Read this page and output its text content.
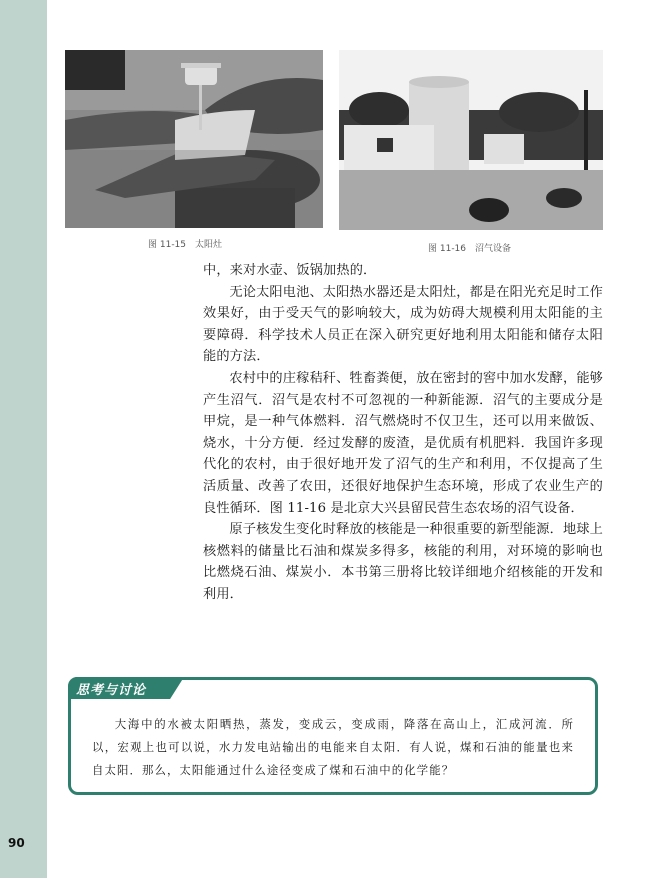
90
图 11-15　太阳灶	图 11-16　沼气设备

中，来对水壶、饭锅加热的．

无论太阳电池、太阳热水器还是太阳灶，都是在阳光充足时工作效果好，由于受天气的影响较大，成为妨碍大规模利用太阳能的主要障碍．科学技术人员正在深入研究更好地利用太阳能和储存太阳能的方法．

农村中的庄稼秸秆、牲畜粪便，放在密封的窖中加水发酵，能够产生沼气．沼气是农村不可忽视的一种新能源．沼气的主要成分是甲烷，是一种气体燃料．沼气燃烧时不仅卫生，还可以用来做饭、烧水，十分方便．经过发酵的废渣，是优质有机肥料．我国许多现代化的农村，由于很好地开发了沼气的生产和利用，不仅提高了生活质量、改善了农田，还很好地保护生态环境，形成了农业生产的良性循环．图 11-16 是北京大兴县留民营生态农场的沼气设备．

原子核发生变化时释放的核能是一种很重要的新型能源．地球上核燃料的储量比石油和煤炭多得多，核能的利用，对环境的影响也比燃烧石油、煤炭小．本书第三册将比较详细地介绍核能的开发和利用．

思考与讨论
大海中的水被太阳晒热，蒸发，变成云，变成雨，降落在高山上，汇成河流．所以，宏观上也可以说，水力发电站输出的电能来自太阳．有人说，煤和石油的能量也来自太阳．那么，太阳能通过什么途径变成了煤和石油中的化学能？
